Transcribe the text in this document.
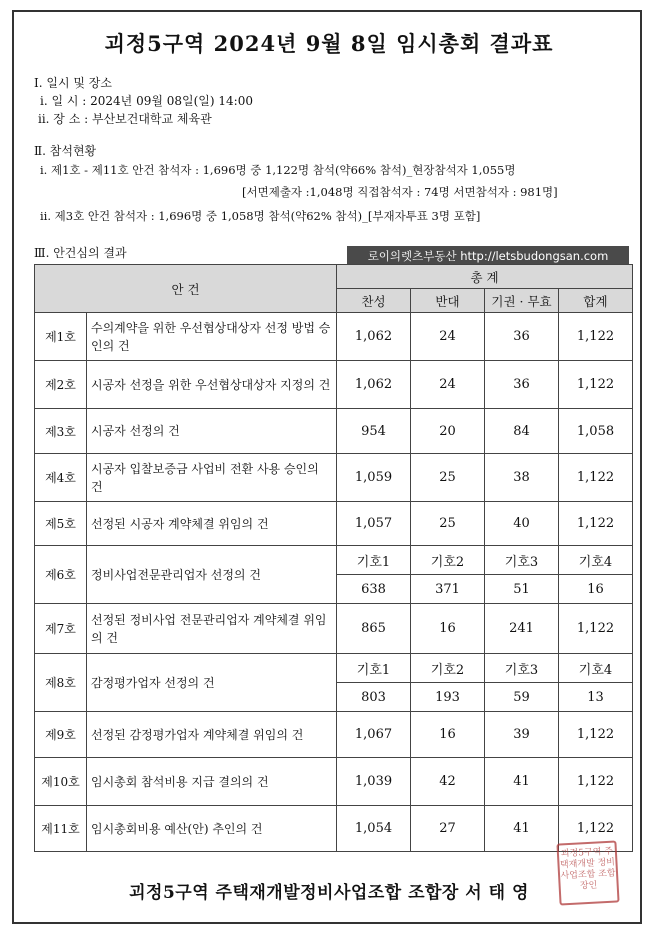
괴정5구역 2024년 9월 8일 임시총회 결과표
Ⅰ. 일시 및 장소
ⅰ. 일 시 : 2024년 09월 08일(일) 14:00
ⅱ. 장 소 : 부산보건대학교 체육관
Ⅱ. 참석현황
ⅰ. 제1호 - 제11호 안건 참석자 : 1,696명 중 1,122명 참석(약66% 참석)_현장참석자 1,055명
[서면제출자 :1,048명 직접참석자 : 74명 서면참석자 : 981명]
ⅱ. 제3호 안건 참석자 : 1,696명 중 1,058명 참석(약62% 참석)_[부재자투표 3명 포함]
Ⅲ. 안건심의 결과	로이의렛츠부동산 http://letsbudongsan.com
안 건		총 계			
		찬성	반대	기권 · 무효	합계
제1호	수의계약을 위한 우선협상대상자 선정 방법 승인의 건	1,062	24	36	1,122
제2호	시공자 선정을 위한 우선협상대상자 지정의 건	1,062	24	36	1,122
제3호	시공자 선정의 건	954	20	84	1,058
제4호	시공자 입찰보증금 사업비 전환 사용 승인의 건	1,059	25	38	1,122
제5호	선정된 시공자 계약체결 위임의 건	1,057	25	40	1,122
제6호	정비사업전문관리업자 선정의 건	기호1	기호2	기호3	기호4
		638	371	51	16
제7호	선정된 정비사업 전문관리업자 계약체결 위임의 건	865	16	241	1,122
제8호	감정평가업자 선정의 건	기호1	기호2	기호3	기호4
		803	193	59	13
제9호	선정된 감정평가업자 계약체결 위임의 건	1,067	16	39	1,122
제10호	임시총회 참석비용 지급 결의의 건	1,039	42	41	1,122
제11호	임시총회비용 예산(안) 추인의 건	1,054	27	41	1,122
괴정5구역 주택재개발정비사업조합 조합장 서 태 영
괴정5구역 주택재개발 정비사업조합 조합장인
